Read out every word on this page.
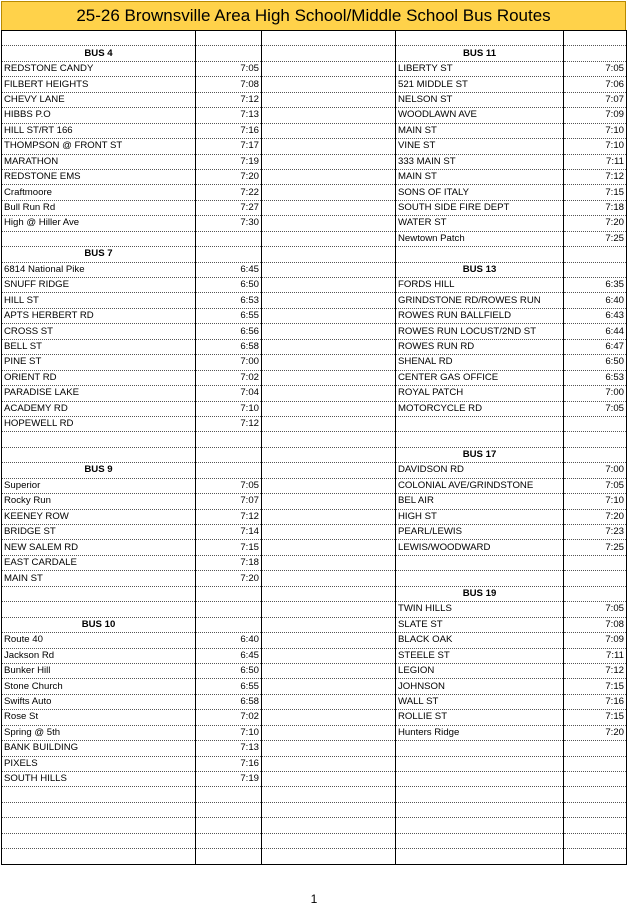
25-26 Brownsville Area High School/Middle School Bus Routes

BUS 4			BUS 11	
REDSTONE CANDY	7:05		LIBERTY ST	7:05
FILBERT HEIGHTS	7:08		521 MIDDLE ST	7:06
CHEVY LANE	7:12		NELSON ST	7:07
HIBBS P.O	7:13		WOODLAWN AVE	7:09
HILL ST/RT 166	7:16		MAIN ST	7:10
THOMPSON @ FRONT ST	7:17		VINE ST	7:10
MARATHON	7:19		333 MAIN ST	7:11
REDSTONE EMS	7:20		MAIN ST	7:12
Craftmoore	7:22		SONS OF ITALY	7:15
Bull Run Rd	7:27		SOUTH SIDE FIRE DEPT	7:18
High @ Hiller Ave	7:30		WATER ST	7:20
			Newtown Patch	7:25
BUS 7				
6814 National Pike	6:45		BUS 13	
SNUFF RIDGE	6:50		FORDS HILL	6:35
HILL ST	6:53		GRINDSTONE RD/ROWES RUN	6:40
APTS HERBERT RD	6:55		ROWES RUN BALLFIELD	6:43
CROSS ST	6:56		ROWES RUN LOCUST/2ND ST	6:44
BELL ST	6:58		ROWES RUN RD	6:47
PINE ST	7:00		SHENAL RD	6:50
ORIENT RD	7:02		CENTER GAS OFFICE	6:53
PARADISE LAKE	7:04		ROYAL PATCH	7:00
ACADEMY RD	7:10		MOTORCYCLE RD	7:05
HOPEWELL RD	7:12			

			BUS 17	
BUS 9			DAVIDSON RD	7:00
Superior	7:05		COLONIAL AVE/GRINDSTONE	7:05
Rocky Run	7:07		BEL AIR	7:10
KEENEY ROW	7:12		HIGH ST	7:20
BRIDGE ST	7:14		PEARL/LEWIS	7:23
NEW SALEM RD	7:15		LEWIS/WOODWARD	7:25
EAST CARDALE	7:18			
MAIN ST	7:20			
			BUS 19	
			TWIN HILLS	7:05
BUS 10			SLATE ST	7:08
Route 40	6:40		BLACK OAK	7:09
Jackson Rd	6:45		STEELE ST	7:11
Bunker Hill	6:50		LEGION	7:12
Stone Church	6:55		JOHNSON	7:15
Swifts Auto	6:58		WALL ST	7:16
Rose St	7:02		ROLLIE ST	7:15
Spring @ 5th	7:10		Hunters Ridge	7:20
BANK BUILDING	7:13			
PIXELS	7:16			
SOUTH HILLS	7:19			

1
